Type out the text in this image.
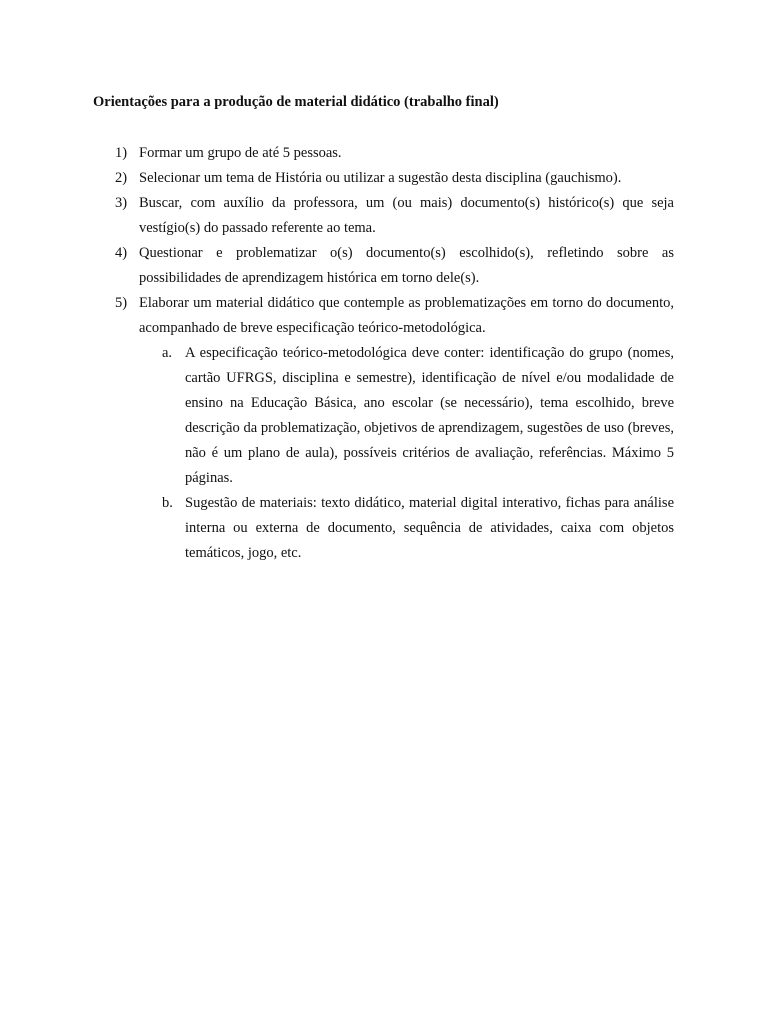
Orientações para a produção de material didático (trabalho final)
1) Formar um grupo de até 5 pessoas.
2) Selecionar um tema de História ou utilizar a sugestão desta disciplina (gauchismo).
3) Buscar, com auxílio da professora, um (ou mais) documento(s) histórico(s) que seja vestígio(s) do passado referente ao tema.
4) Questionar e problematizar o(s) documento(s) escolhido(s), refletindo sobre as possibilidades de aprendizagem histórica em torno dele(s).
5) Elaborar um material didático que contemple as problematizações em torno do documento, acompanhado de breve especificação teórico-metodológica.
a. A especificação teórico-metodológica deve conter: identificação do grupo (nomes, cartão UFRGS, disciplina e semestre), identificação de nível e/ou modalidade de ensino na Educação Básica, ano escolar (se necessário), tema escolhido, breve descrição da problematização, objetivos de aprendizagem, sugestões de uso (breves, não é um plano de aula), possíveis critérios de avaliação, referências. Máximo 5 páginas.
b. Sugestão de materiais: texto didático, material digital interativo, fichas para análise interna ou externa de documento, sequência de atividades, caixa com objetos temáticos, jogo, etc.
